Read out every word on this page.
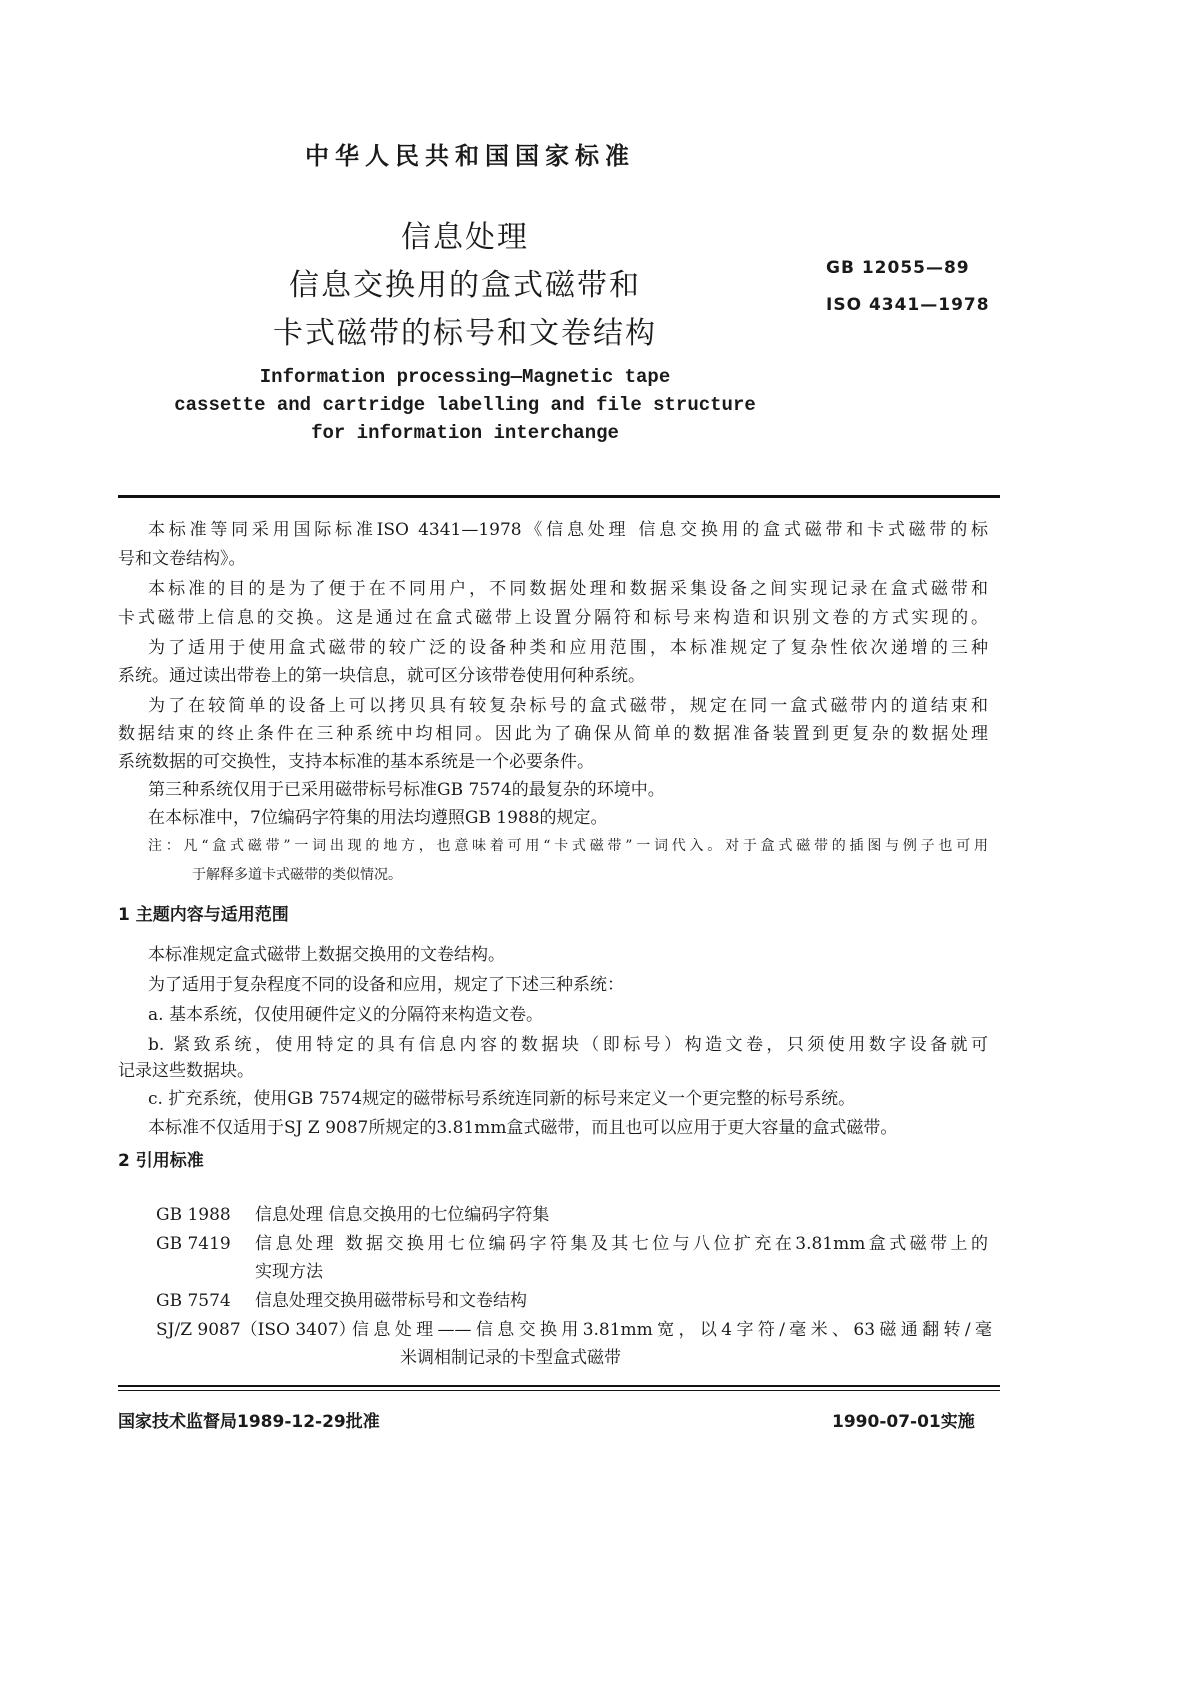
中华人民共和国国家标准
信息处理
信息交换用的盒式磁带和
卡式磁带的标号和文卷结构
GB 12055—89
ISO 4341—1978
Information processing—Magnetic tape
cassette and cartridge labelling and file structure
for information interchange
本标准等同采用国际标准ISO 4341—1978《信息处理 信息交换用的盒式磁带和卡式磁带的标
号和文卷结构》。
本标准的目的是为了便于在不同用户，不同数据处理和数据采集设备之间实现记录在盒式磁带和
卡式磁带上信息的交换。这是通过在盒式磁带上设置分隔符和标号来构造和识别文卷的方式实现的。
为了适用于使用盒式磁带的较广泛的设备种类和应用范围，本标准规定了复杂性依次递增的三种
系统。通过读出带卷上的第一块信息，就可区分该带卷使用何种系统。
为了在较简单的设备上可以拷贝具有较复杂标号的盒式磁带，规定在同一盒式磁带内的道结束和
数据结束的终止条件在三种系统中均相同。因此为了确保从简单的数据准备装置到更复杂的数据处理
系统数据的可交换性，支持本标准的基本系统是一个必要条件。
第三种系统仅用于已采用磁带标号标准GB 7574的最复杂的环境中。
在本标准中，7位编码字符集的用法均遵照GB 1988的规定。
注：凡“盒式磁带”一词出现的地方，也意味着可用“卡式磁带”一词代入。对于盒式磁带的插图与例子也可用
于解释多道卡式磁带的类似情况。
1 主题内容与适用范围
本标准规定盒式磁带上数据交换用的文卷结构。
为了适用于复杂程度不同的设备和应用，规定了下述三种系统：
a. 基本系统，仅使用硬件定义的分隔符来构造文卷。
b. 紧致系统，使用特定的具有信息内容的数据块（即标号）构造文卷，只须使用数字设备就可
记录这些数据块。
c. 扩充系统，使用GB 7574规定的磁带标号系统连同新的标号来定义一个更完整的标号系统。
本标准不仅适用于SJ Z 9087所规定的3.81mm盒式磁带，而且也可以应用于更大容量的盒式磁带。
2 引用标准
GB 1988 信息处理 信息交换用的七位编码字符集
GB 7419 信息处理 数据交换用七位编码字符集及其七位与八位扩充在3.81mm盒式磁带上的
实现方法
GB 7574 信息处理交换用磁带标号和文卷结构
SJ/Z 9087（ISO 3407）
信息处理——信息交换用3.81mm宽，以4字符/毫米、63磁通翻转/毫
米调相制记录的卡型盒式磁带
国家技术监督局1989-12-29批准	1990-07-01实施
